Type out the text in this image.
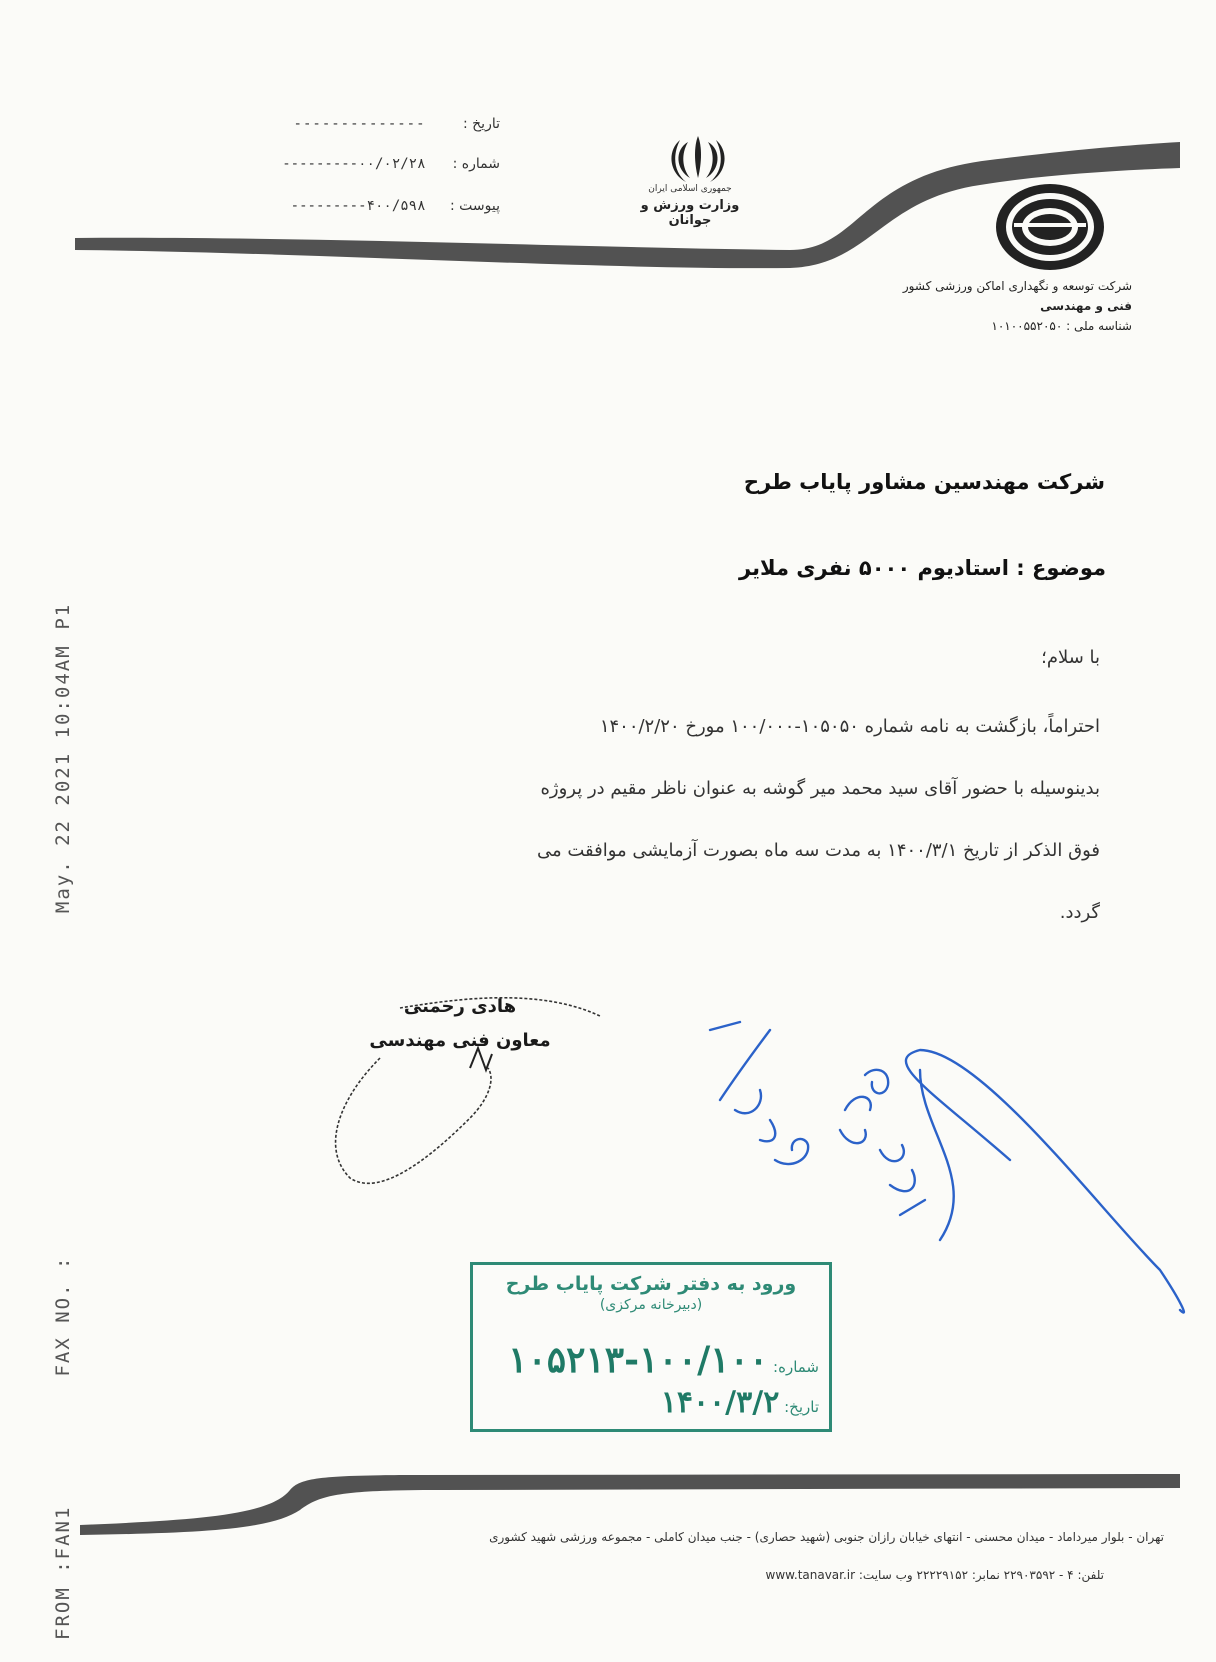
FROM :FAN1 FAX NO. : May. 22 2021 10:04AM P1
تاریخ : --------------
شماره : ۰۰/۰۲/۲۸---------
پیوست : ۴۰۰/۵۹۸---------
جمهوری اسلامی ایران
وزارت ورزش و جوانان
شرکت توسعه و نگهداری اماکن ورزشی کشور
فنی و مهندسی
شناسه ملی : ۱۰۱۰۰۵۵۲۰۵۰
شرکت مهندسین مشاور پایاب طرح
موضوع : استادیوم ۵۰۰۰ نفری ملایر
با سلام؛
احتراماً، بازگشت به نامه شماره ۱۰۵۰۵۰-۱۰۰/۰۰۰ مورخ ۱۴۰۰/۲/۲۰
بدینوسیله با حضور آقای سید محمد میر گوشه به عنوان ناظر مقیم در پروژه
فوق الذکر از تاریخ ۱۴۰۰/۳/۱ به مدت سه ماه بصورت آزمایشی موافقت می
گردد.
هادی رحمنی
معاون فنی مهندسی
ورود به دفتر شرکت پایاب طرح
(دبیرخانه مرکزی)
شماره: ۱۰۰/۱۰۰-۱۰۵۲۱۳
تاریخ: ۱۴۰۰/۳/۲
تهران - بلوار میرداماد - میدان محسنی - انتهای خیابان رازان جنوبی (شهید حصاری) - جنب میدان کاملی - مجموعه ورزشی شهید کشوری
تلفن: ۴ - ۲۲۹۰۳۵۹۲ نمابر: ۲۲۲۲۹۱۵۲ وب سایت: www.tanavar.ir
